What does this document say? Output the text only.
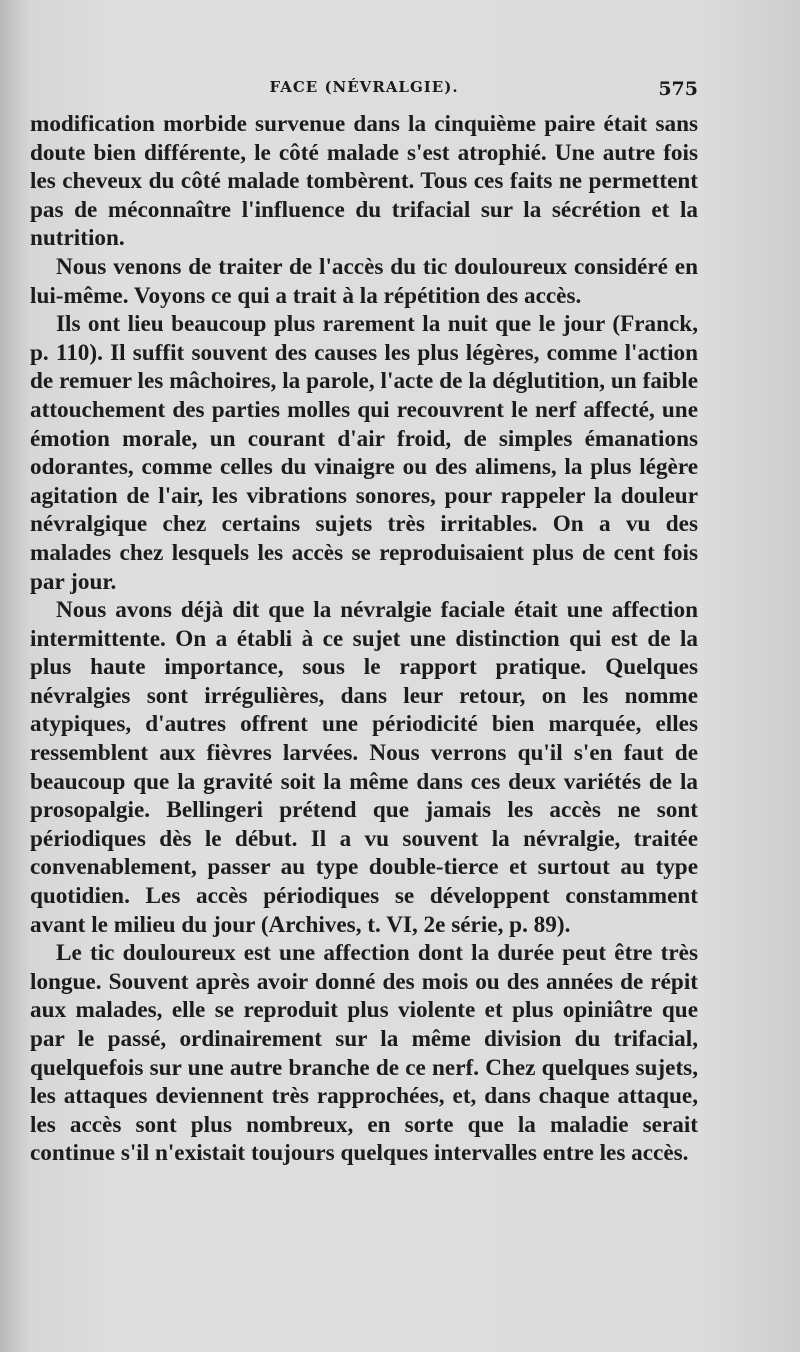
FACE (NÉVRALGIE).	575

modification morbide survenue dans la cinquième paire était sans doute bien différente, le côté malade s'est atrophié. Une autre fois les cheveux du côté malade tombèrent. Tous ces faits ne permettent pas de méconnaître l'influence du trifacial sur la sécrétion et la nutrition.

Nous venons de traiter de l'accès du tic douloureux considéré en lui-même. Voyons ce qui a trait à la répétition des accès.

Ils ont lieu beaucoup plus rarement la nuit que le jour (Franck, p. 110). Il suffit souvent des causes les plus légères, comme l'action de remuer les mâchoires, la parole, l'acte de la déglutition, un faible attouchement des parties molles qui recouvrent le nerf affecté, une émotion morale, un courant d'air froid, de simples émanations odorantes, comme celles du vinaigre ou des alimens, la plus légère agitation de l'air, les vibrations sonores, pour rappeler la douleur névralgique chez certains sujets très irritables. On a vu des malades chez lesquels les accès se reproduisaient plus de cent fois par jour.

Nous avons déjà dit que la névralgie faciale était une affection intermittente. On a établi à ce sujet une distinction qui est de la plus haute importance, sous le rapport pratique. Quelques névralgies sont irrégulières, dans leur retour, on les nomme atypiques, d'autres offrent une périodicité bien marquée, elles ressemblent aux fièvres larvées. Nous verrons qu'il s'en faut de beaucoup que la gravité soit la même dans ces deux variétés de la prosopalgie. Bellingeri prétend que jamais les accès ne sont périodiques dès le début. Il a vu souvent la névralgie, traitée convenablement, passer au type double-tierce et surtout au type quotidien. Les accès périodiques se développent constamment avant le milieu du jour (Archives, t. VI, 2e série, p. 89).

Le tic douloureux est une affection dont la durée peut être très longue. Souvent après avoir donné des mois ou des années de répit aux malades, elle se reproduit plus violente et plus opiniâtre que par le passé, ordinairement sur la même division du trifacial, quelquefois sur une autre branche de ce nerf. Chez quelques sujets, les attaques deviennent très rapprochées, et, dans chaque attaque, les accès sont plus nombreux, en sorte que la maladie serait continue s'il n'existait toujours quelques intervalles entre les accès.
